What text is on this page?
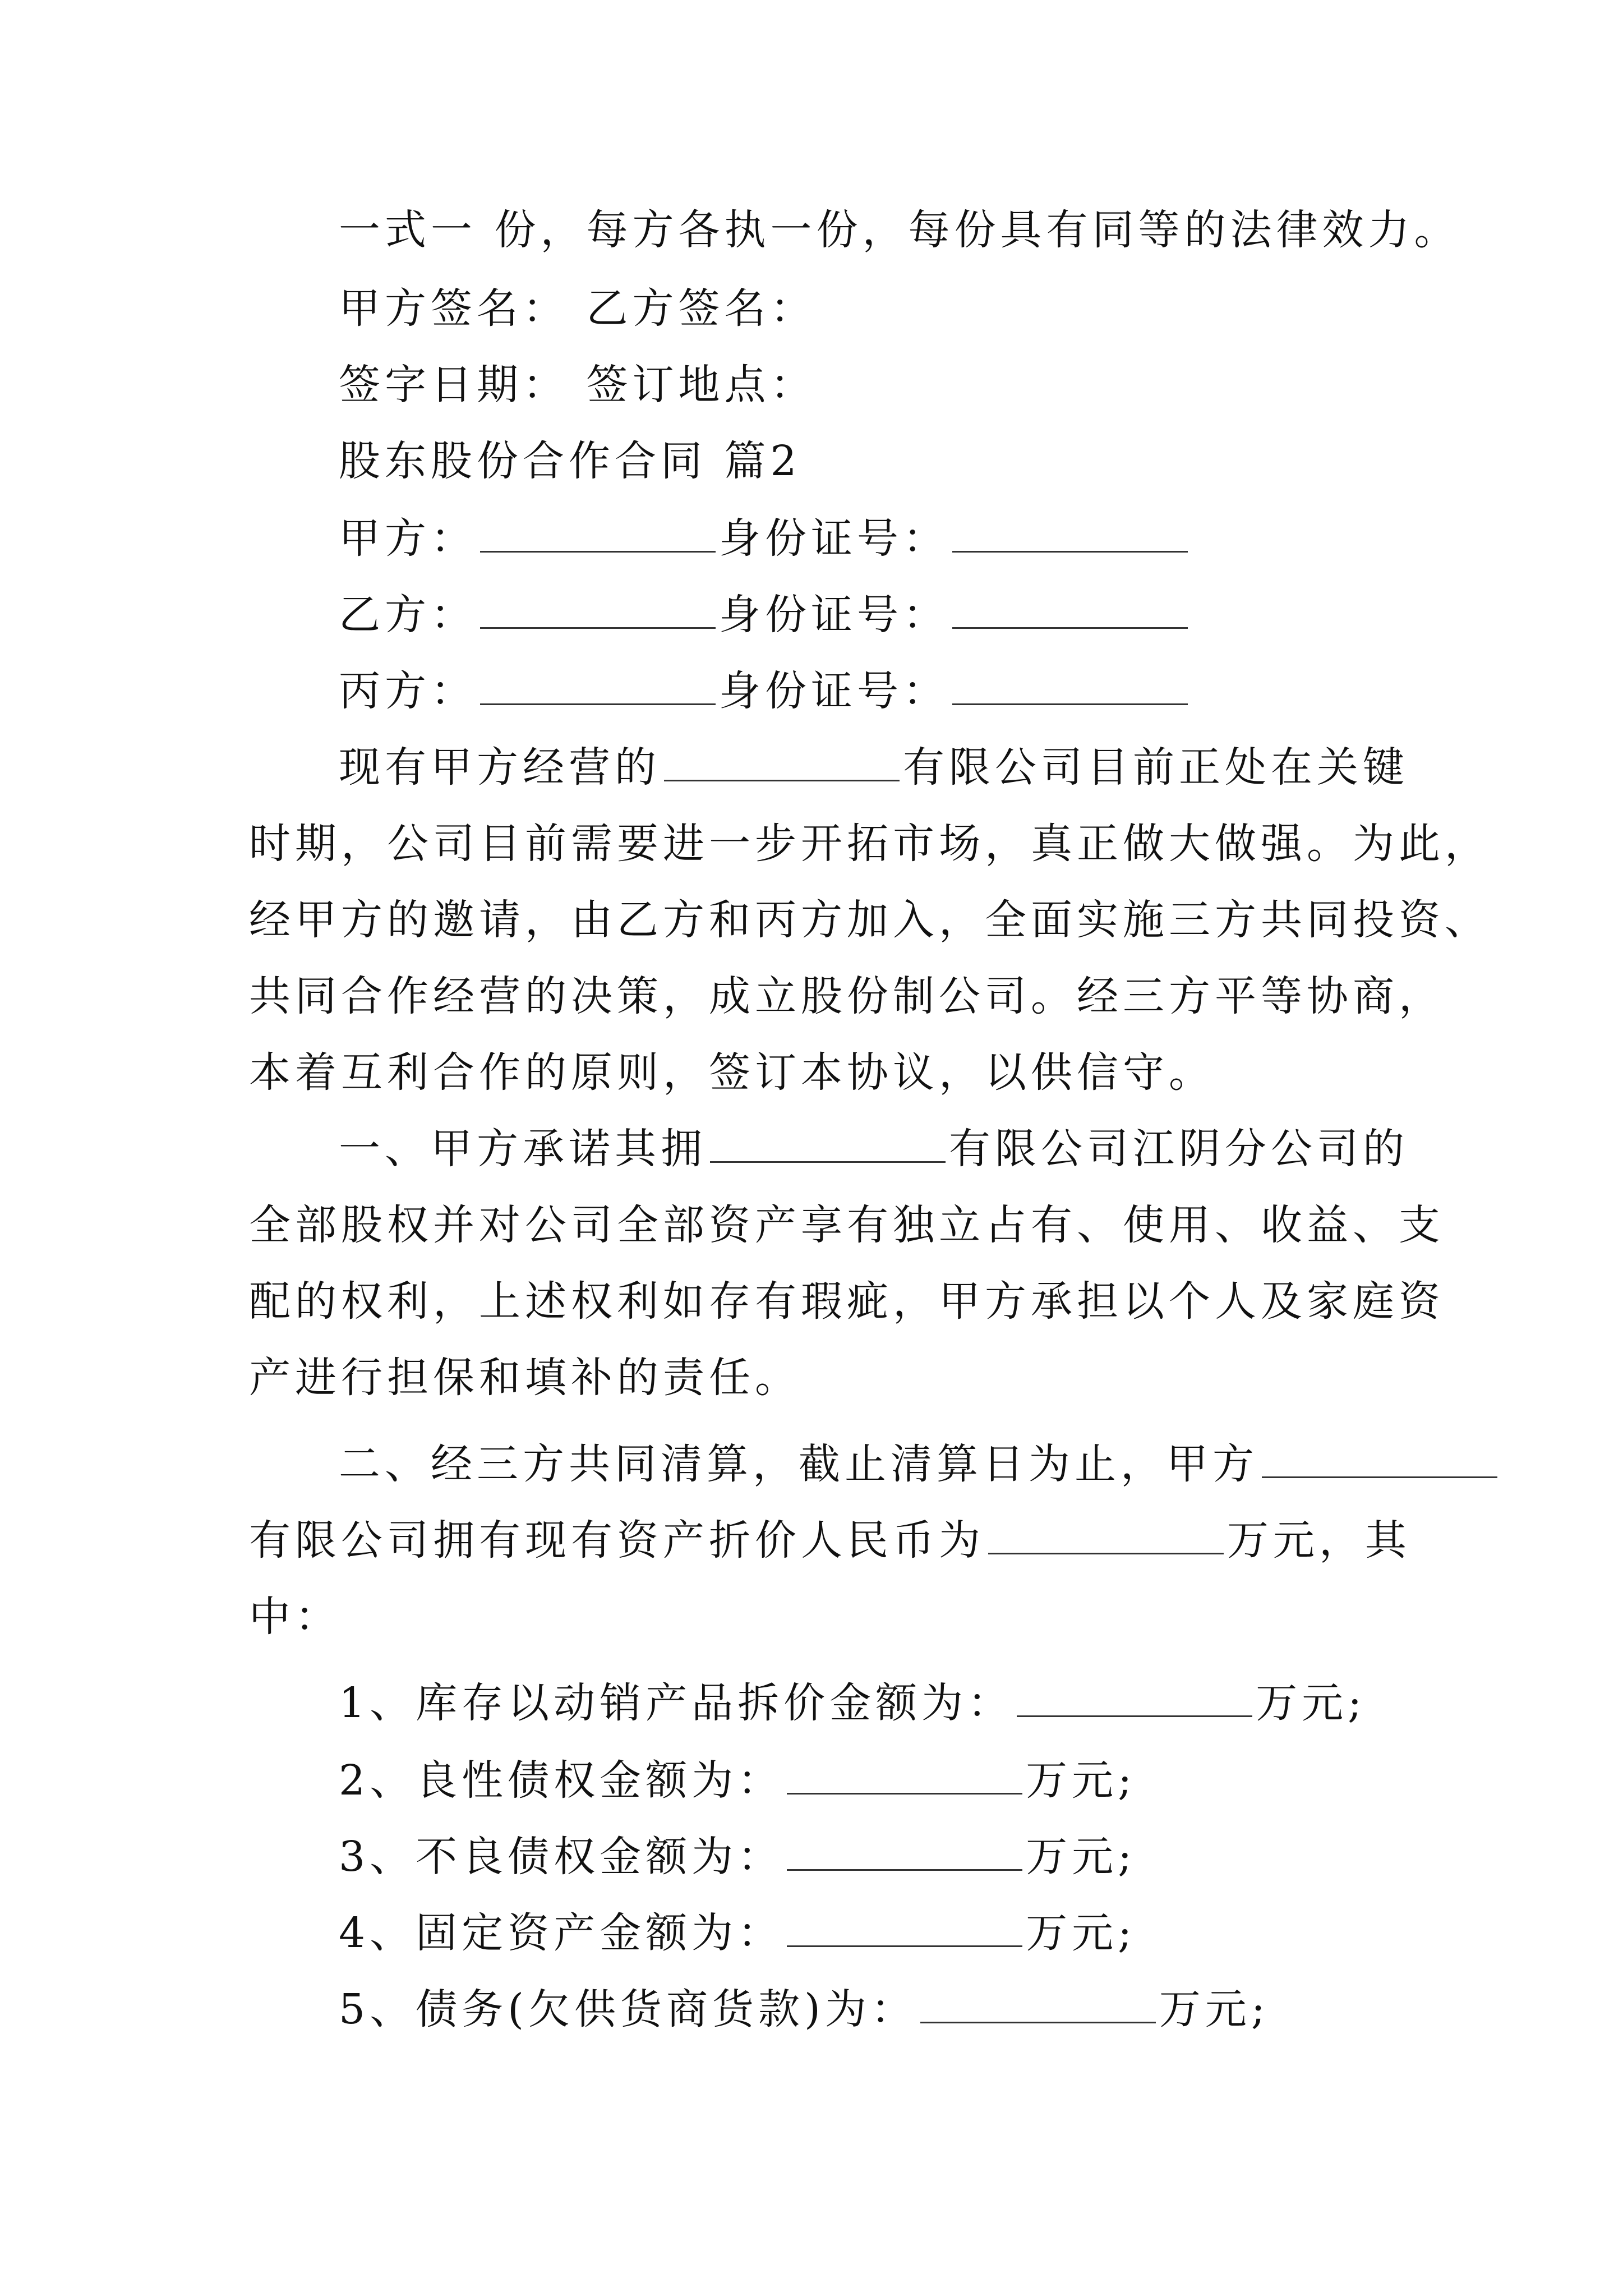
一式一 份，每方各执一份，每份具有同等的法律效力。
甲方签名： 乙方签名：
签字日期： 签订地点：
股东股份合作合同 篇2
甲方：	身份证号：
乙方：	身份证号：
丙方：	身份证号：
现有甲方经营的	有限公司目前正处在关键
时期，公司目前需要进一步开拓市场，真正做大做强。为此，
经甲方的邀请，由乙方和丙方加入，全面实施三方共同投资、
共同合作经营的决策，成立股份制公司。经三方平等协商，
本着互利合作的原则，签订本协议，以供信守。
一、甲方承诺其拥	有限公司江阴分公司的
全部股权并对公司全部资产享有独立占有、使用、收益、支
配的权利，上述权利如存有瑕疵，甲方承担以个人及家庭资
产进行担保和填补的责任。
二、经三方共同清算，截止清算日为止，甲方
有限公司拥有现有资产折价人民币为	万元，其
中：
1、库存以动销产品拆价金额为：	万元;
2、良性债权金额为：	万元;
3、不良债权金额为：	万元;
4、固定资产金额为：	万元;
5、债务(欠供货商货款)为：	万元;
